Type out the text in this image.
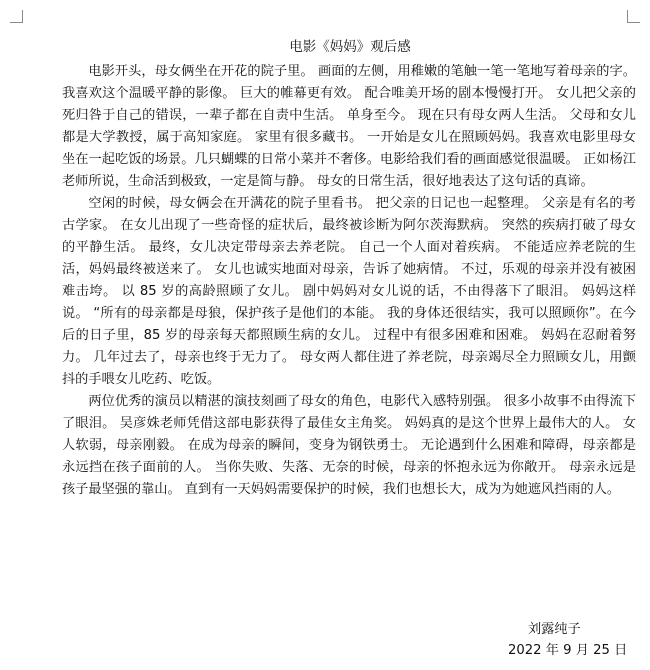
电影《妈妈》观后感

电影开头，母女俩坐在开花的院子里。 画面的左侧，用稚嫩的笔触一笔一笔地写着母亲的字。 我喜欢这个温暖平静的影像。 巨大的帷幕更有效。 配合唯美开场的剧本慢慢打开。 女儿把父亲的死归咎于自己的错误，一辈子都在自责中生活。 单身至今。 现在只有母女两人生活。 父母和女儿都是大学教授，属于高知家庭。 家里有很多藏书。 一开始是女儿在照顾妈妈。我喜欢电影里母女坐在一起吃饭的场景。几只蝴蝶的日常小菜并不奢侈。电影给我们看的画面感觉很温暖。 正如杨江老师所说，生命活到极致，一定是简与静。 母女的日常生活，很好地表达了这句话的真谛。

空闲的时候，母女俩会在开满花的院子里看书。 把父亲的日记也一起整理。 父亲是有名的考古学家。 在女儿出现了一些奇怪的症状后，最终被诊断为阿尔茨海默病。 突然的疾病打破了母女的平静生活。 最终，女儿决定带母亲去养老院。 自己一个人面对着疾病。 不能适应养老院的生活，妈妈最终被送来了。 女儿也诚实地面对母亲，告诉了她病情。 不过，乐观的母亲并没有被困难击垮。 以 85 岁的高龄照顾了女儿。 剧中妈妈对女儿说的话，不由得落下了眼泪。 妈妈这样说。 “所有的母亲都是母狼，保护孩子是他们的本能。 我的身体还很结实，我可以照顾你”。在今后的日子里，85 岁的母亲每天都照顾生病的女儿。 过程中有很多困难和困难。 妈妈在忍耐着努力。 几年过去了，母亲也终于无力了。 母女两人都住进了养老院，母亲竭尽全力照顾女儿，用颤抖的手喂女儿吃药、吃饭。

两位优秀的演员以精湛的演技刻画了母女的角色，电影代入感特别强。 很多小故事不由得流下了眼泪。 吴彦姝老师凭借这部电影获得了最佳女主角奖。 妈妈真的是这个世界上最伟大的人。 女人软弱，母亲刚毅。 在成为母亲的瞬间，变身为钢铁勇士。 无论遇到什么困难和障碍，母亲都是永远挡在孩子面前的人。 当你失败、失落、无奈的时候，母亲的怀抱永远为你敞开。 母亲永远是孩子最坚强的靠山。 直到有一天妈妈需要保护的时候，我们也想长大，成为为她遮风挡雨的人。

刘露纯子
2022 年 9 月 25 日
